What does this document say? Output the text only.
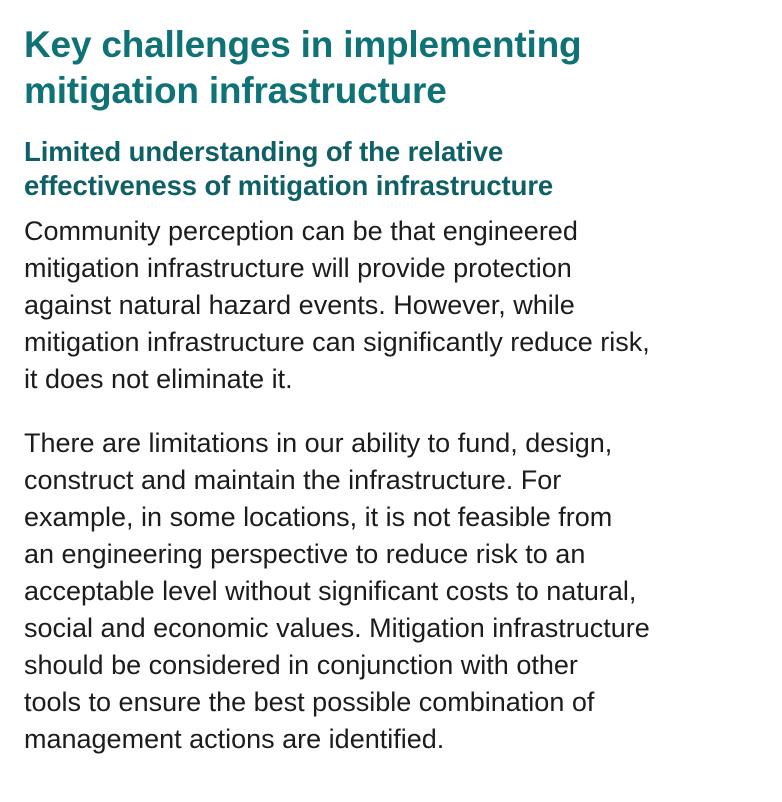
Key challenges in implementing
mitigation infrastructure
Limited understanding of the relative
effectiveness of mitigation infrastructure

Community perception can be that engineered
mitigation infrastructure will provide protection
against natural hazard events. However, while
mitigation infrastructure can significantly reduce risk,
it does not eliminate it.

There are limitations in our ability to fund, design,
construct and maintain the infrastructure. For
example, in some locations, it is not feasible from
an engineering perspective to reduce risk to an
acceptable level without significant costs to natural,
social and economic values. Mitigation infrastructure
should be considered in conjunction with other
tools to ensure the best possible combination of
management actions are identified.
